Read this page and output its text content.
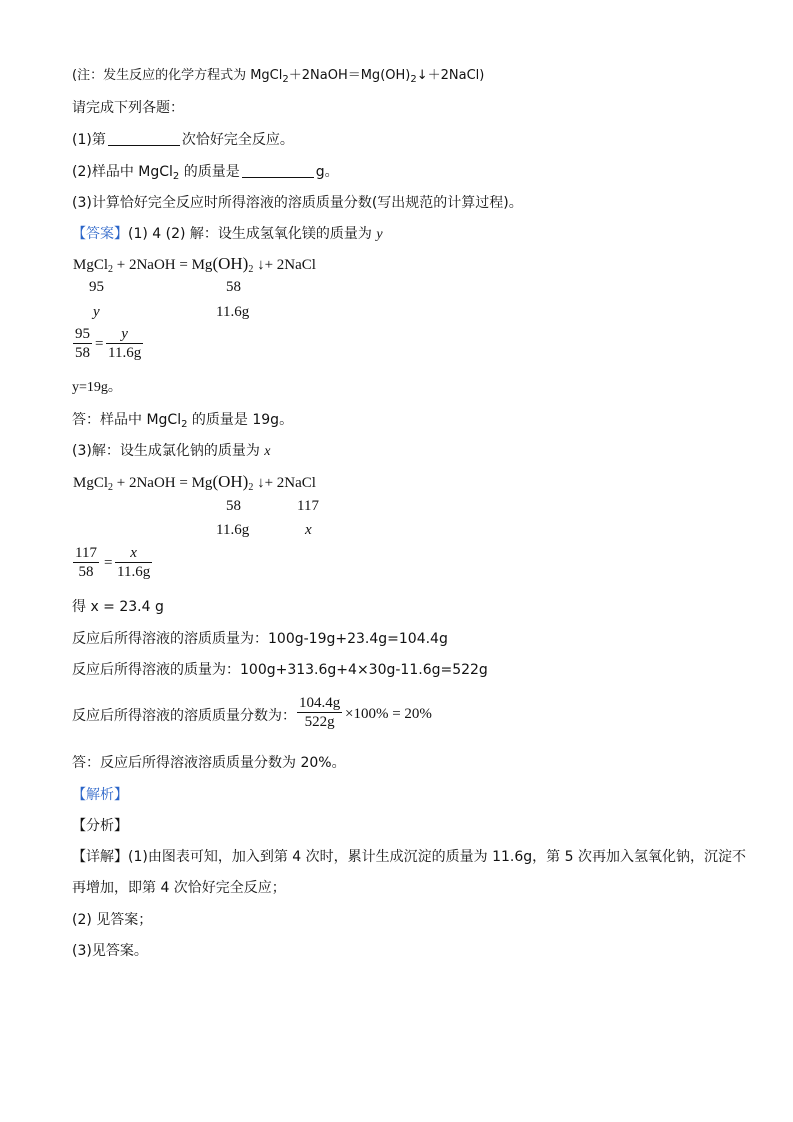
(注：发生反应的化学方程式为 $MgCl_2+2NaOH=Mg(OH)_2↓+2NaCl$)
请完成下列各题：
(1)第	次恰好完全反应。
(2)样品中 MgCl$_2$ 的质量是	g。
(3)计算恰好完全反应时所得溶液的溶质质量分数(写出规范的计算过程)。
【答案】(1) 4 (2) 解：设生成氢氧化镁的质量为 y
MgCl$_2$ + 2NaOH = $Mg(OH)_2$ ↓+ 2NaCl
95	58
y	11.6g
95
58
=
y
11.6g
y=19g。
答：样品中 MgCl$_2$ 的质量是 19g。
(3)解：设生成氯化钠的质量为 x
MgCl$_2$ + 2NaOH = $Mg(OH)_2$ ↓+ 2NaCl
58	117
11.6g	x
117
58
=
x
11.6g
得 x = 23.4 g
反应后所得溶液的溶质质量为：100g-19g+23.4g=104.4g
反应后所得溶液的质量为：100g+313.6g+4×30g-11.6g=522g
反应后所得溶液的溶质质量分数为：
104.4g
522g ×100% = 20%
答：反应后所得溶液溶质质量分数为 20%。
【解析】
【分析】
【详解】(1)由图表可知，加入到第 4 次时，累计生成沉淀的质量为 11.6g，第 5 次再加入氢氧化钠，沉淀不
再增加，即第 4 次恰好完全反应；
(2) 见答案；
(3)见答案。
